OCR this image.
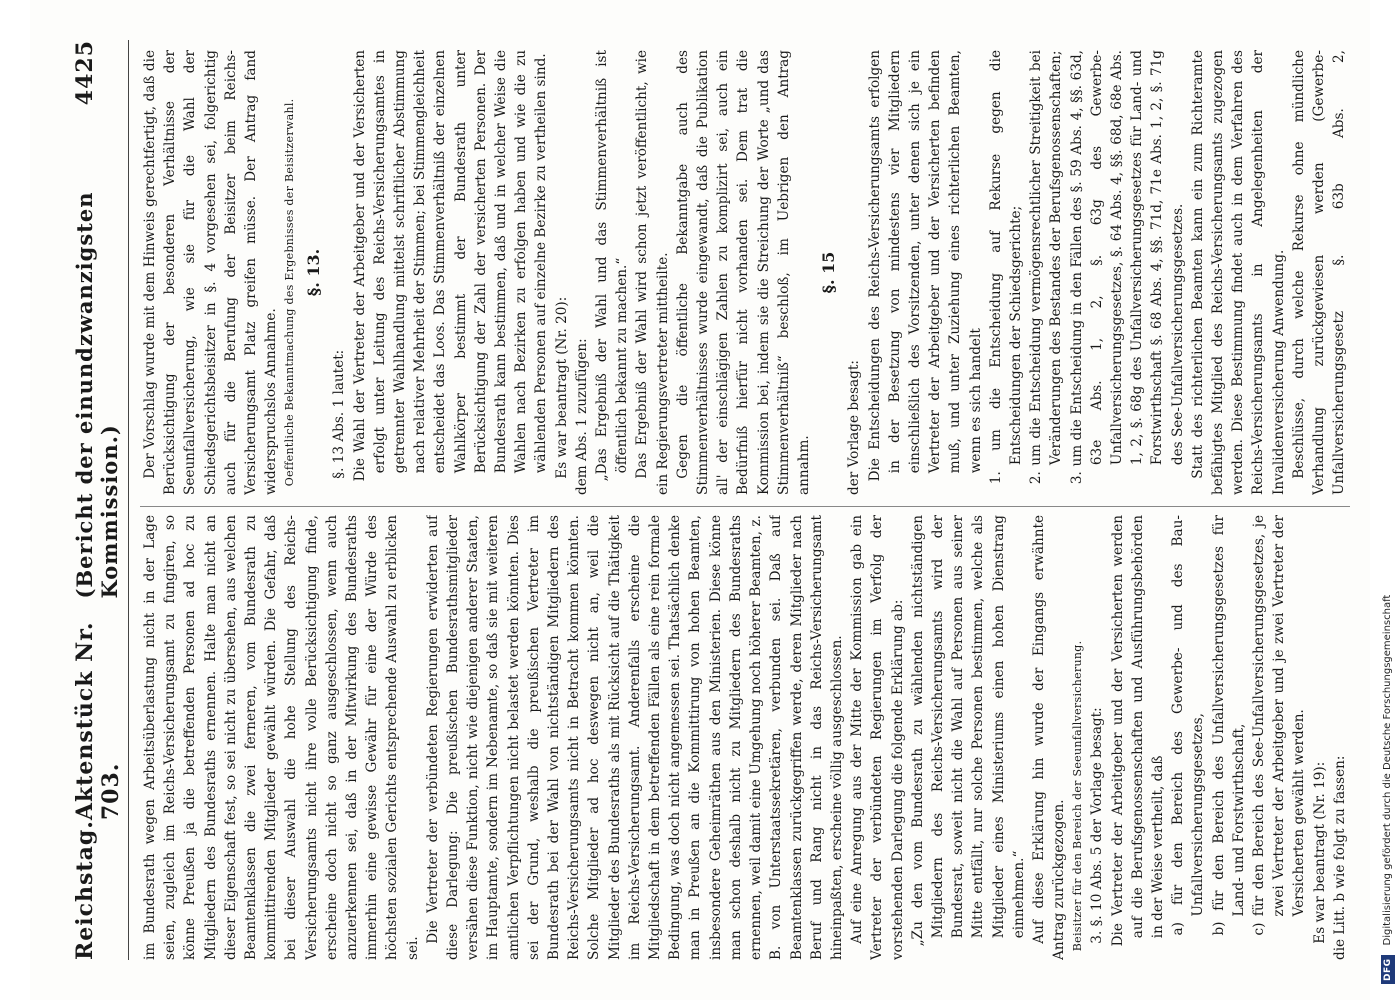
Reichstag.
Aktenstück Nr. 703.
(Bericht der einundzwanzigsten Kommission.)
4425

im Bundesrath wegen Arbeitsüberlastung nicht in der Lage seien, zugleich im Reichs-Versicherungsamt zu fungiren, so könne Preußen ja die betreffenden Personen ad hoc zu Mitgliedern des Bundesraths ernennen. Halte man nicht an dieser Eigenschaft fest, so sei nicht zu übersehen, aus welchen Beamtenklassen die zwei ferneren, vom Bundesrath zu kommittirenden Mitglieder gewählt würden. Die Gefahr, daß bei dieser Auswahl die hohe Stellung des Reichs-Versicherungsamts nicht ihre volle Berücksichtigung finde, erscheine doch nicht so ganz ausgeschlossen, wenn auch anzuerkennen sei, daß in der Mitwirkung des Bundesraths immerhin eine gewisse Gewähr für eine der Würde des höchsten sozialen Gerichts entsprechende Auswahl zu erblicken sei.

Die Vertreter der verbündeten Regierungen erwiderten auf diese Darlegung: Die preußischen Bundesrathsmitglieder versähen diese Funktion, nicht wie diejenigen anderer Staaten, im Hauptamte, sondern im Nebenamte, so daß sie mit weiteren amtlichen Verpflichtungen nicht belastet werden könnten. Dies sei der Grund, weshalb die preußischen Vertreter im Bundesrath bei der Wahl von nichtständigen Mitgliedern des Reichs-Versicherungsamts nicht in Betracht kommen könnten. Solche Mitglieder ad hoc deswegen nicht an, weil die Mitglieder des Bundesraths als mit Rücksicht auf die Thätigkeit im Reichs-Versicherungsamt. Anderenfalls erscheine die Mitgliedschaft in dem betreffenden Fällen als eine rein formale Bedingung, was doch nicht angemessen sei. Thatsächlich denke man in Preußen an die Kommittirung von hohen Beamten, insbesondere Geheimräthen aus den Ministerien. Diese könne man schon deshalb nicht zu Mitgliedern des Bundesraths ernennen, weil damit eine Umgehung noch höherer Beamten, z. B. von Unterstaatssekretären, verbunden sei. Daß auf Beamtenklassen zurückgegriffen werde, deren Mitglieder nach Beruf und Rang nicht in das Reichs-Versicherungsamt hineinpaßten, erscheine völlig ausgeschlossen. Auf eine Anregung aus der Mitte der Kommission gab ein Vertreter der verbündeten Regierungen im Verfolg der vorstehenden Darlegung die folgende Erklärung ab: „Zu den vom Bundesrath zu wählenden nichtständigen Mitgliedern des Reichs-Versicherungsamts wird der Bundesrat, soweit nicht die Wahl auf Personen aus seiner Mitte entfällt, nur solche Personen bestimmen, welche als Mitglieder eines Ministeriums einen hohen Dienstrang einnehmen.“ Auf diese Erklärung hin wurde der Eingangs erwähnte Antrag zurückgezogen. Beisitzer für den Bereich der Seeunfallversicherung. 3. §. 10 Abs. 5 der Vorlage besagt: Die Vertreter der Arbeitgeber und der Versicherten werden auf die Berufsgenossenschaften und Ausführungsbehörden in der Weise vertheilt, daß a) für den Bereich des Gewerbe- und des Bau-Unfallversicherungsgesetzes, b) für den Bereich des Unfallversicherungsgesetzes für Land- und Forstwirthschaft, c) für den Bereich des See-Unfallversicherungsgesetzes, je zwei Vertreter der Arbeitgeber und je zwei Vertreter der Versicherten gewählt werden. Es war beantragt (Nr. 19): die Litt. b wie folgt zu fassen:

Der Vorschlag wurde mit dem Hinweis gerechtfertigt, daß die Berücksichtigung der besonderen Verhältnisse der Seeunfallversicherung, wie sie für die Wahl der Schiedsgerichtsbeisitzer in §. 4 vorgesehen sei, folgerichtig auch für die Berufung der Beisitzer beim Reichs-Versicherungsamt Platz greifen müsse. Der Antrag fand widerspruchslos Annahme. Oeffentliche Bekanntmachung des Ergebnisses der Beisitzerwahl. §. 13.

§. 13 Abs. 1 lautet: Die Wahl der Vertreter der Arbeitgeber und der Versicherten erfolgt unter Leitung des Reichs-Versicherungsamtes in getrennter Wahlhandlung mittelst schriftlicher Abstimmung nach relativer Mehrheit der Stimmen; bei Stimmengleichheit entscheidet das Loos. Das Stimmenverhältniß der einzelnen Wahlkörper bestimmt der Bundesrath unter Berücksichtigung der Zahl der versicherten Personen. Der Bundesrath kann bestimmen, daß und in welcher Weise die Wahlen nach Bezirken zu erfolgen haben und wie die zu wählenden Personen auf einzelne Bezirke zu vertheilen sind. Es war beantragt (Nr. 20): dem Abs. 1 zuzufügen: „Das Ergebniß der Wahl und das Stimmenverhältniß ist öffentlich bekannt zu machen.“ Das Ergebniß der Wahl wird schon jetzt veröffentlicht, wie ein Regierungsvertreter mittheilte. Gegen die öffentliche Bekanntgabe auch des Stimmenverhältnisses wurde eingewandt, daß die Publikation all' der einschlägigen Zahlen zu komplizirt sei, auch ein Bedürfniß hierfür nicht vorhanden sei. Dem trat die Kommission bei, indem sie die Streichung der Worte „und das Stimmenverhältniß“ beschloß, im Uebrigen den Antrag annahm.

§. 15

der Vorlage besagt: Die Entscheidungen des Reichs-Versicherungsamts erfolgen in der Besetzung von mindestens vier Mitgliedern einschließlich des Vorsitzenden, unter denen sich je ein Vertreter der Arbeitgeber und der Versicherten befinden muß, und unter Zuziehung eines richterlichen Beamten, wenn es sich handelt 1. um die Entscheidung auf Rekurse gegen die Entscheidungen der Schiedsgerichte; 2. um die Entscheidung vermögensrechtlicher Streitigkeit bei Veränderungen des Bestandes der Berufsgenossenschaften; 3. um die Entscheidung in den Fällen des §. 59 Abs. 4, §§. 63d, 63e Abs. 1, 2, §. 63g des Gewerbe-Unfallversicherungsgesetzes, §. 64 Abs. 4, §§. 68d, 68e Abs. 1, 2, §. 68g des Unfallversicherungsgesetzes für Land- und Forstwirthschaft §. 68 Abs. 4, §§. 71d, 71e Abs. 1, 2, §. 71g des See-Unfallversicherungsgesetzes. Statt des richterlichen Beamten kann ein zum Richteramte befähigtes Mitglied des Reichs-Versicherungsamts zugezogen werden. Diese Bestimmung findet auch in dem Verfahren des Reichs-Versicherungsamts in Angelegenheiten der Invalidenversicherung Anwendung. Beschlüsse, durch welche Rekurse ohne mündliche Verhandlung zurückgewiesen werden (Gewerbe-Unfallversicherungsgesetz §. 63b Abs. 2,

DFG
Digitalisierung gefördert durch die Deutsche Forschungsgemeinschaft
